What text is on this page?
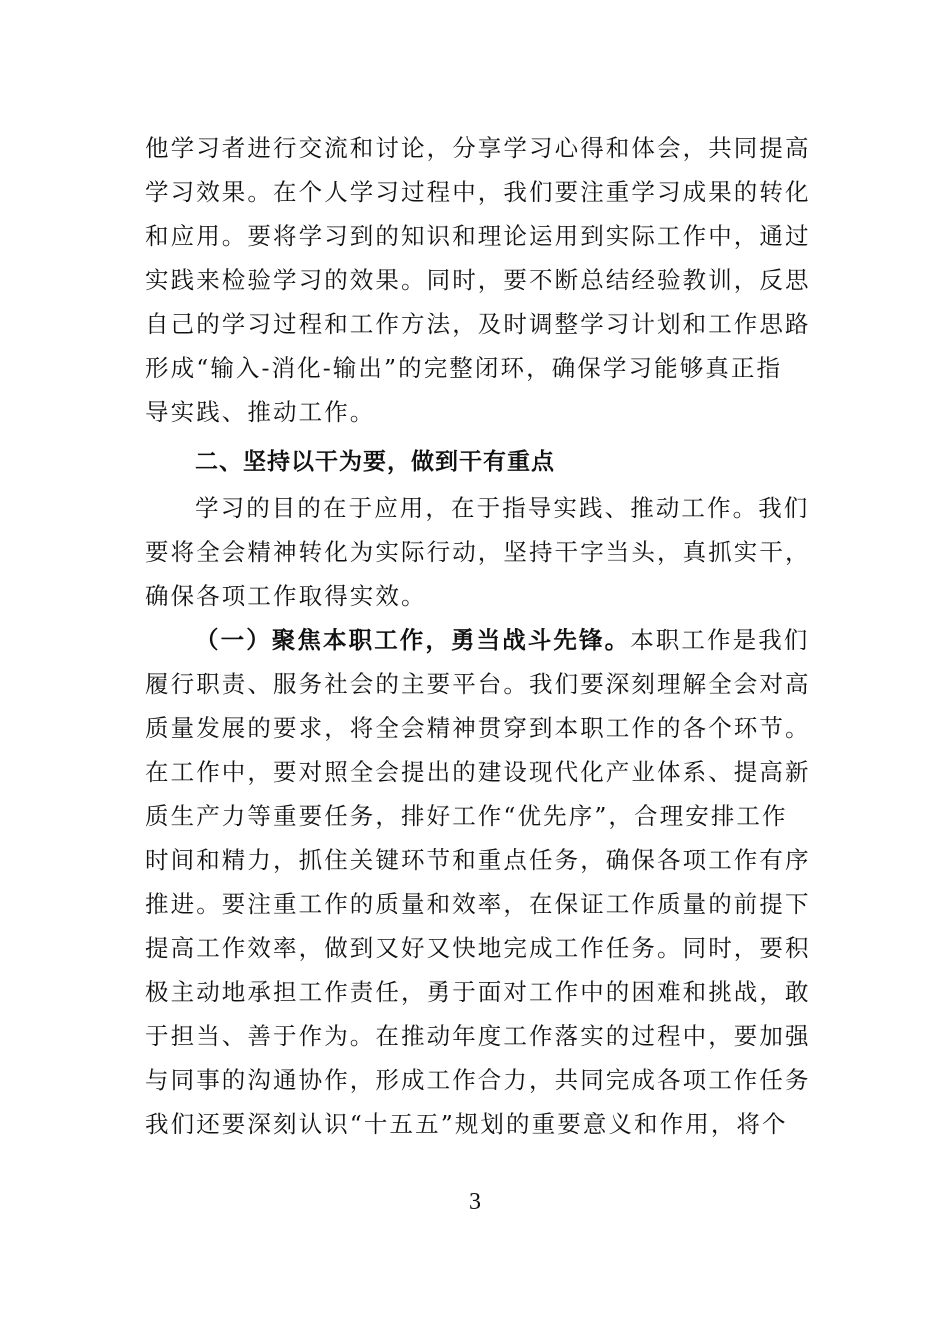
他学习者进行交流和讨论，分享学习心得和体会，共同提高
学习效果。在个人学习过程中，我们要注重学习成果的转化
和应用。要将学习到的知识和理论运用到实际工作中，通过
实践来检验学习的效果。同时，要不断总结经验教训，反思
自己的学习过程和工作方法，及时调整学习计划和工作思路
形成“输入-消化-输出”的完整闭环，确保学习能够真正指
导实践、推动工作。
二、坚持以干为要，做到干有重点
学习的目的在于应用，在于指导实践、推动工作。我们
要将全会精神转化为实际行动，坚持干字当头，真抓实干，
确保各项工作取得实效。
（一）聚焦本职工作，勇当战斗先锋。本职工作是我们
履行职责、服务社会的主要平台。我们要深刻理解全会对高
质量发展的要求，将全会精神贯穿到本职工作的各个环节。
在工作中，要对照全会提出的建设现代化产业体系、提高新
质生产力等重要任务，排好工作“优先序”，合理安排工作
时间和精力，抓住关键环节和重点任务，确保各项工作有序
推进。要注重工作的质量和效率，在保证工作质量的前提下
提高工作效率，做到又好又快地完成工作任务。同时，要积
极主动地承担工作责任，勇于面对工作中的困难和挑战，敢
于担当、善于作为。在推动年度工作落实的过程中，要加强
与同事的沟通协作，形成工作合力，共同完成各项工作任务
我们还要深刻认识“十五五”规划的重要意义和作用，将个
3
